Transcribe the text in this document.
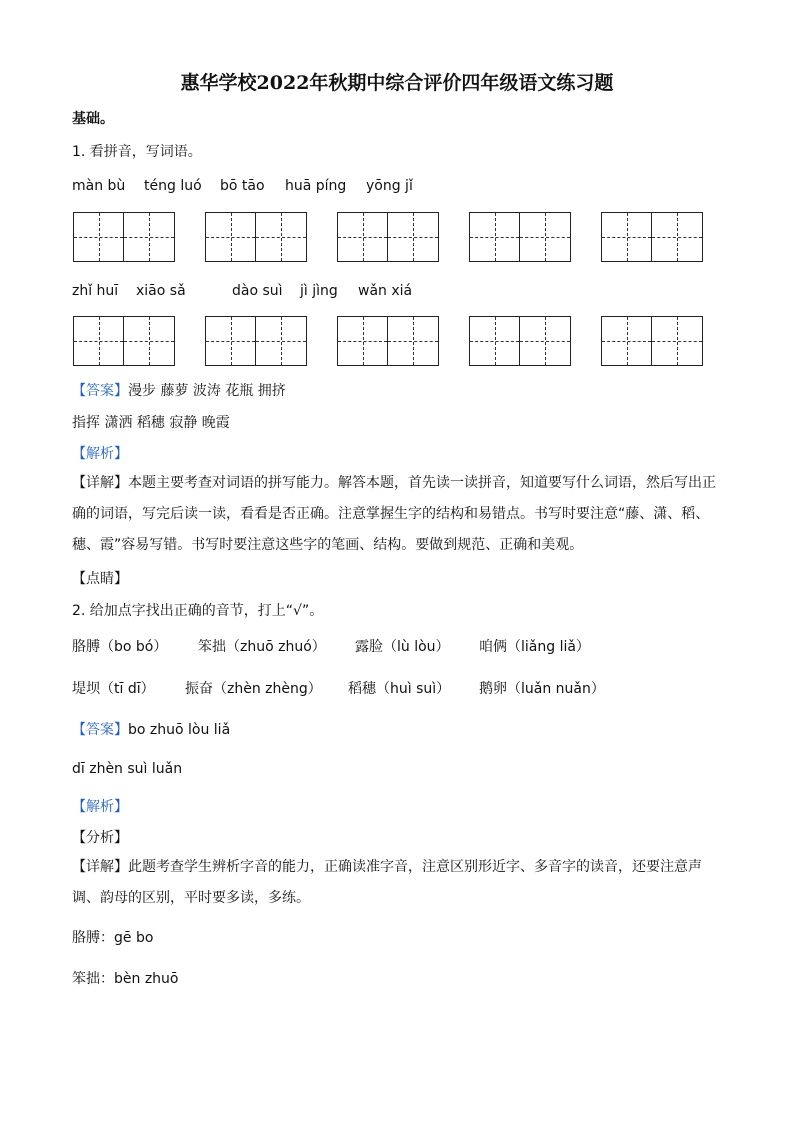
惠华学校2022年秋期中综合评价四年级语文练习题
基础。
1. 看拼音，写词语。
màn bù téng luó bō tāo huā píng yōng jǐ
zhǐ huī xiāo sǎ	dào suì jì jìng wǎn xiá
【答案】漫步 藤萝 波涛 花瓶 拥挤
指挥 潇洒 稻穗 寂静 晚霞
【解析】
【详解】本题主要考查对词语的拼写能力。解答本题，首先读一读拼音，知道要写什么词语，然后写出正确的词语，写完后读一读，看看是否正确。注意掌握生字的结构和易错点。书写时要注意“藤、潇、稻、穗、霞”容易写错。书写时要注意这些字的笔画、结构。要做到规范、正确和美观。
【点睛】
2. 给加点字找出正确的音节，打上“√”。
胳膊（bo bó） 笨拙（zhuō zhuó） 露脸（lù lòu） 咱俩（liǎng liǎ）
堤坝（tī dī） 振奋（zhèn zhèng） 稻穗（huì suì） 鹅卵（luǎn nuǎn）
【答案】bo zhuō lòu liǎ
dī zhèn suì luǎn
【解析】
【分析】
【详解】此题考查学生辨析字音的能力，正确读准字音，注意区别形近字、多音字的读音，还要注意声调、韵母的区别，平时要多读，多练。
胳膊：gē bo
笨拙：bèn zhuō
